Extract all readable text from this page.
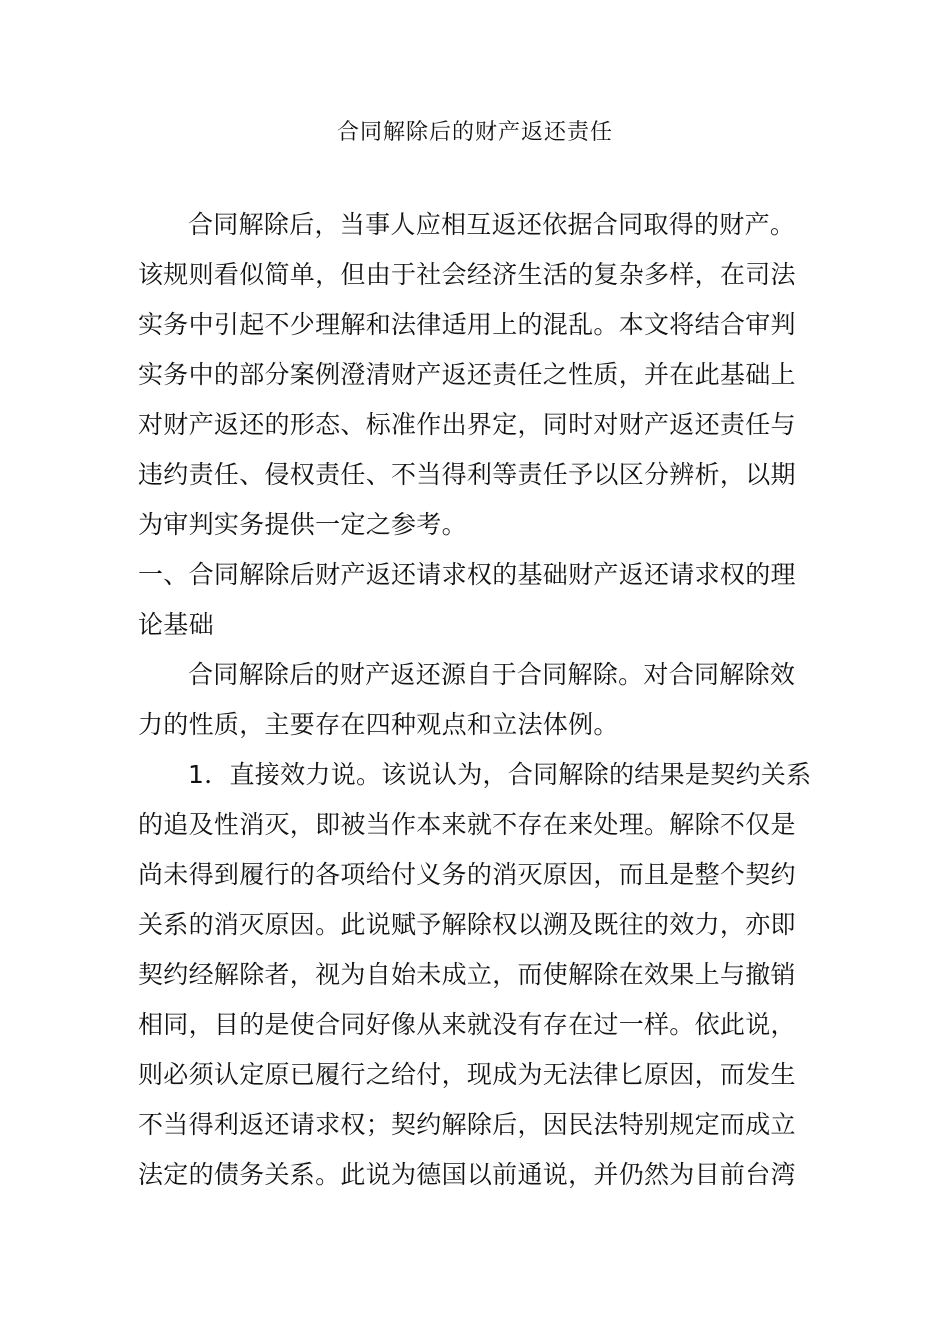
合同解除后的财产返还责任
合同解除后，当事人应相互返还依据合同取得的财产。
该规则看似简单，但由于社会经济生活的复杂多样，在司法
实务中引起不少理解和法律适用上的混乱。本文将结合审判
实务中的部分案例澄清财产返还责任之性质，并在此基础上
对财产返还的形态、标准作出界定，同时对财产返还责任与
违约责任、侵权责任、不当得利等责任予以区分辨析，以期
为审判实务提供一定之参考。
一、合同解除后财产返还请求权的基础财产返还请求权的理
论基础
合同解除后的财产返还源自于合同解除。对合同解除效
力的性质，主要存在四种观点和立法体例。
1．直接效力说。该说认为，合同解除的结果是契约关系
的追及性消灭，即被当作本来就不存在来处理。解除不仅是
尚未得到履行的各项给付义务的消灭原因，而且是整个契约
关系的消灭原因。此说赋予解除权以溯及既往的效力，亦即
契约经解除者，视为自始未成立，而使解除在效果上与撤销
相同，目的是使合同好像从来就没有存在过一样。依此说，
则必须认定原已履行之给付，现成为无法律匕原因，而发生
不当得利返还请求权；契约解除后，因民法特别规定而成立
法定的债务关系。此说为德国以前通说，并仍然为目前台湾
